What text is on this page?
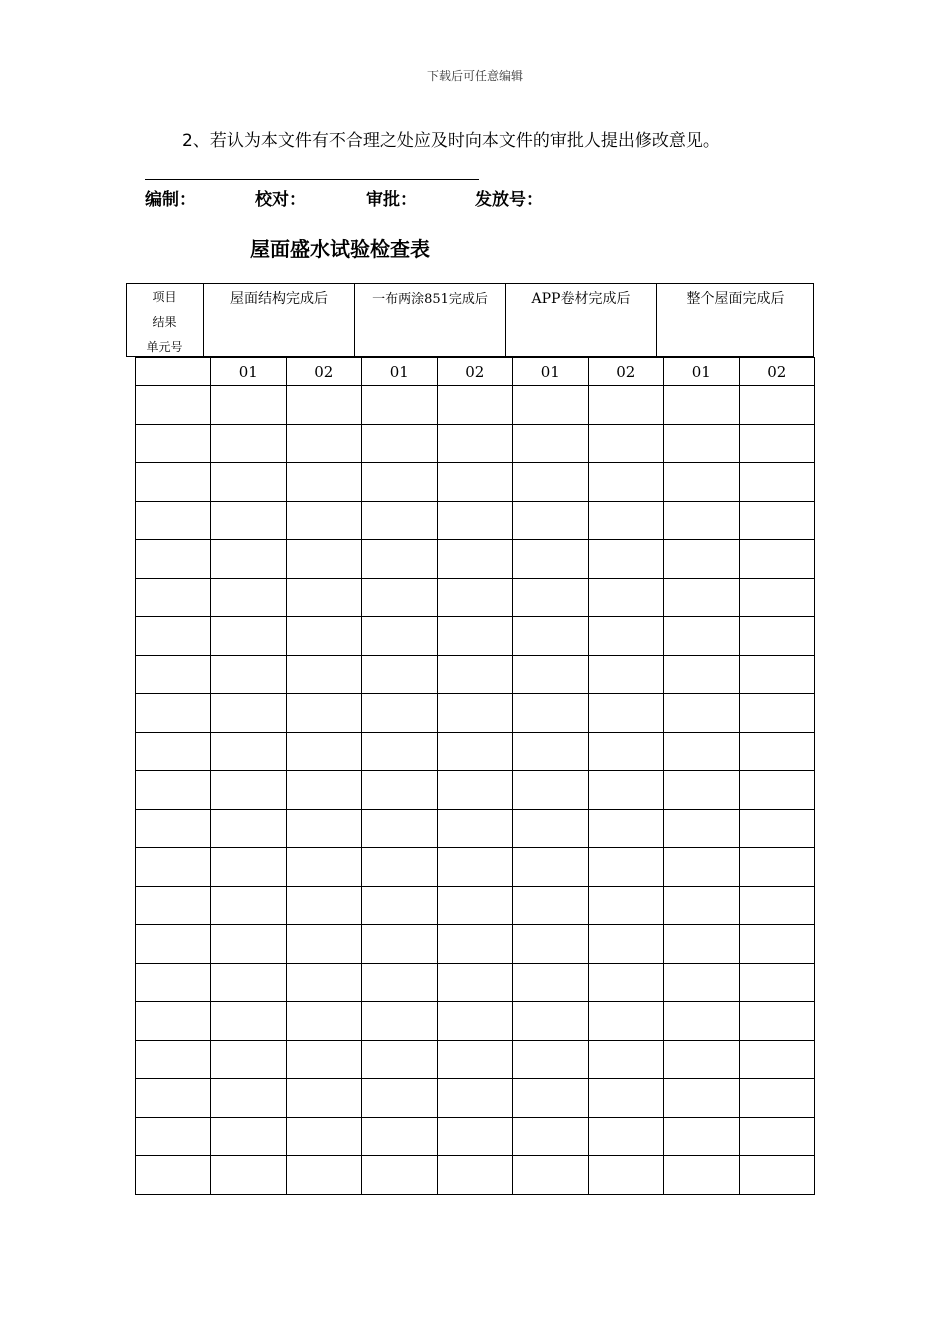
下载后可任意编辑
2、若认为本文件有不合理之处应及时向本文件的审批人提出修改意见。
编制：	校对：	审批：	发放号：
屋面盛水试验检查表
项目
结果
单元号
屋面结构完成后	一布两涂851完成后	APP卷材完成后	整个屋面完成后
	01	02	01	02	01	02	01	02
